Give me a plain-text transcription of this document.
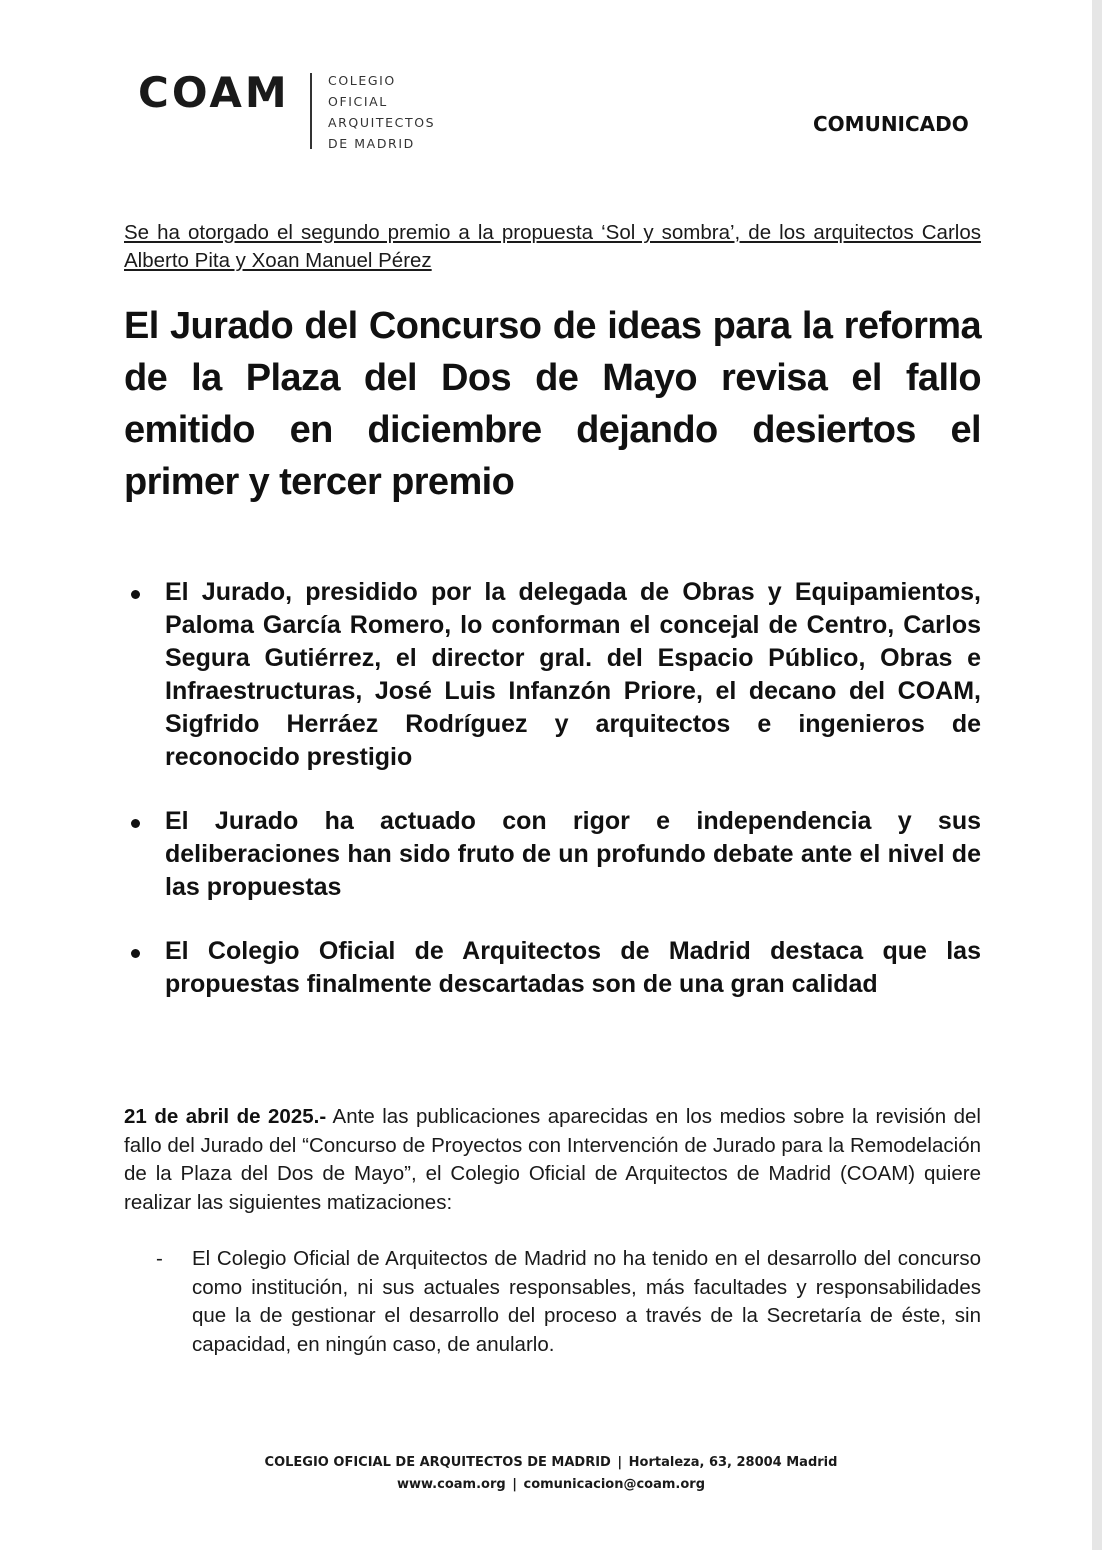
COAM	COLEGIO
OFICIAL
ARQUITECTOS
DE MADRID
COMUNICADO
Se ha otorgado el segundo premio a la propuesta ‘Sol y sombra’, de los arquitectos Carlos Alberto Pita y Xoan Manuel Pérez
El Jurado del Concurso de ideas para la reforma de la Plaza del Dos de Mayo revisa el fallo emitido en diciembre dejando desiertos el primer y tercer premio
El Jurado, presidido por la delegada de Obras y Equipamientos, Paloma García Romero, lo conforman el concejal de Centro, Carlos Segura Gutiérrez, el director gral. del Espacio Público, Obras e Infraestructuras, José Luis Infanzón Priore, el decano del COAM, Sigfrido Herráez Rodríguez y arquitectos e ingenieros de reconocido prestigio
El Jurado ha actuado con rigor e independencia y sus deliberaciones han sido fruto de un profundo debate ante el nivel de las propuestas
El Colegio Oficial de Arquitectos de Madrid destaca que las propuestas finalmente descartadas son de una gran calidad

21 de abril de 2025.- Ante las publicaciones aparecidas en los medios sobre la revisión del fallo del Jurado del “Concurso de Proyectos con Intervención de Jurado para la Remodelación de la Plaza del Dos de Mayo”, el Colegio Oficial de Arquitectos de Madrid (COAM) quiere realizar las siguientes matizaciones:

- El Colegio Oficial de Arquitectos de Madrid no ha tenido en el desarrollo del concurso como institución, ni sus actuales responsables, más facultades y responsabilidades que la de gestionar el desarrollo del proceso a través de la Secretaría de éste, sin capacidad, en ningún caso, de anularlo.
COLEGIO OFICIAL DE ARQUITECTOS DE MADRID | Hortaleza, 63, 28004 Madrid
www.coam.org | comunicacion@coam.org
